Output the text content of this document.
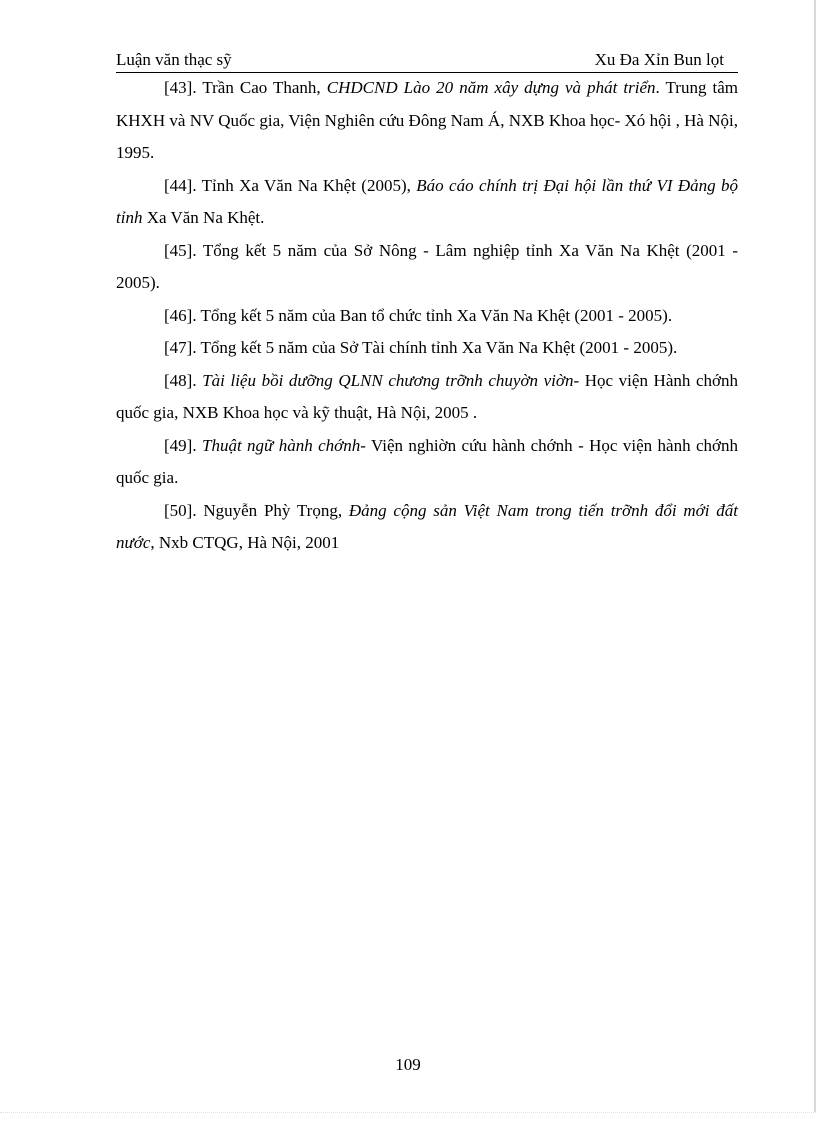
Luận văn thạc sỹ	Xu Đa Xỉn Bun lọt

[43]. Trần Cao Thanh, CHDCND Lào 20 năm xây dựng và phát triển. Trung tâm KHXH và NV Quốc gia, Viện Nghiên cứu Đông Nam Á, NXB Khoa học- Xó hội , Hà Nội, 1995.

[44]. Tỉnh Xa Văn Na Khệt (2005), Báo cáo chính trị Đại hội lần thứ VI Đảng bộ tỉnh Xa Văn Na Khệt.

[45]. Tổng kết 5 năm của Sở Nông - Lâm nghiệp tỉnh Xa Văn Na Khệt (2001 - 2005).

[46]. Tổng kết 5 năm của Ban tổ chức tỉnh Xa Văn Na Khệt (2001 - 2005).

[47]. Tổng kết 5 năm của Sở Tài chính tỉnh Xa Văn Na Khệt (2001 - 2005).

[48]. Tài liệu bồi dưỡng QLNN chương trỡnh chuyờn viờn- Học viện Hành chớnh quốc gia, NXB Khoa học và kỹ thuật, Hà Nội, 2005 .

[49]. Thuật ngữ hành chớnh- Viện nghiờn cứu hành chớnh - Học viện hành chớnh quốc gia.

[50]. Nguyễn Phỳ Trọng, Đảng cộng sản Việt Nam trong tiến trỡnh đổi mới đất nước, Nxb CTQG, Hà Nội, 2001

109
